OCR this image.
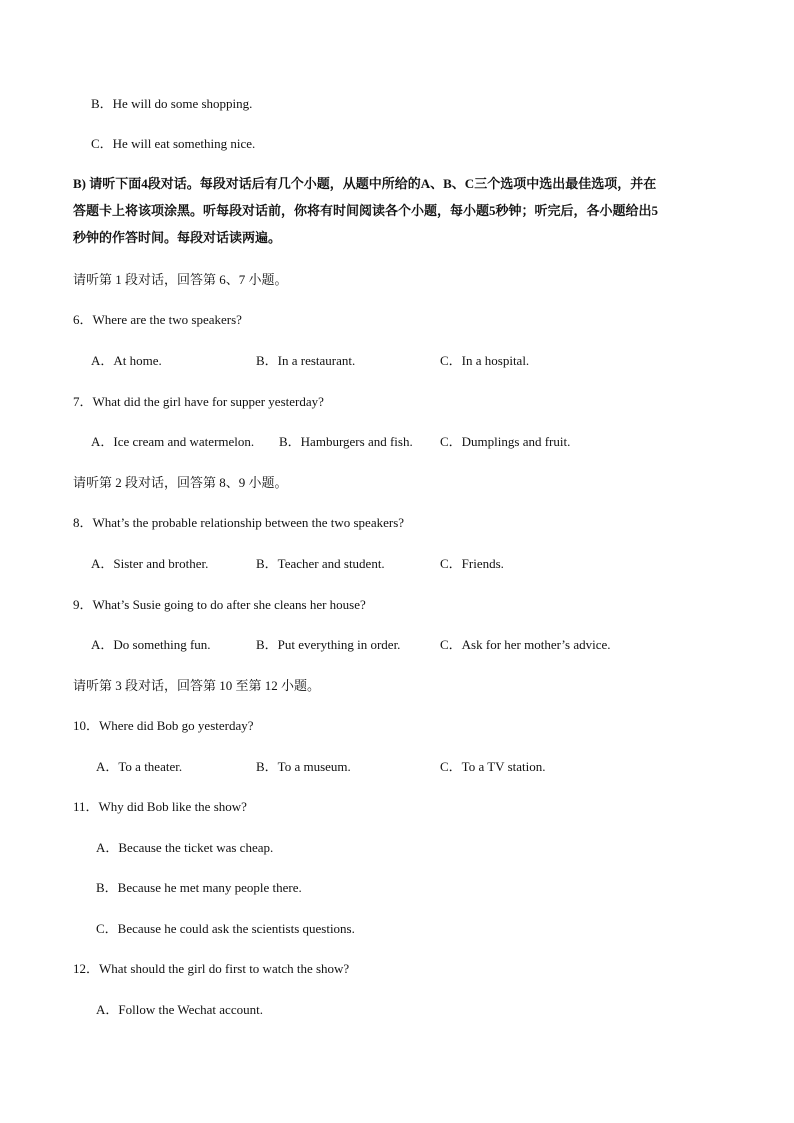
B．He will do some shopping.
C．He will eat something nice.
B) 请听下面4段对话。每段对话后有几个小题，从题中所给的A、B、C三个选项中选出最佳选项，并在
答题卡上将该项涂黑。听每段对话前，你将有时间阅读各个小题，每小题5秒钟；听完后，各小题给出5
秒钟的作答时间。每段对话读两遍。
请听第 1 段对话，回答第 6、7 小题。
6．Where are the two speakers?
A．At home.	B．In a restaurant.	C．In a hospital.
7．What did the girl have for supper yesterday?
A．Ice cream and watermelon. B．Hamburgers and fish. C．Dumplings and fruit.
请听第 2 段对话，回答第 8、9 小题。
8．What’s the probable relationship between the two speakers?
A．Sister and brother.	B．Teacher and student.	C．Friends.
9．What’s Susie going to do after she cleans her house?
A．Do something fun.	B．Put everything in order.	C．Ask for her mother’s advice.
请听第 3 段对话，回答第 10 至第 12 小题。
10．Where did Bob go yesterday?
A．To a theater.	B．To a museum.	C．To a TV station.
11．Why did Bob like the show?
A．Because the ticket was cheap.
B．Because he met many people there.
C．Because he could ask the scientists questions.
12．What should the girl do first to watch the show?
A．Follow the Wechat account.
